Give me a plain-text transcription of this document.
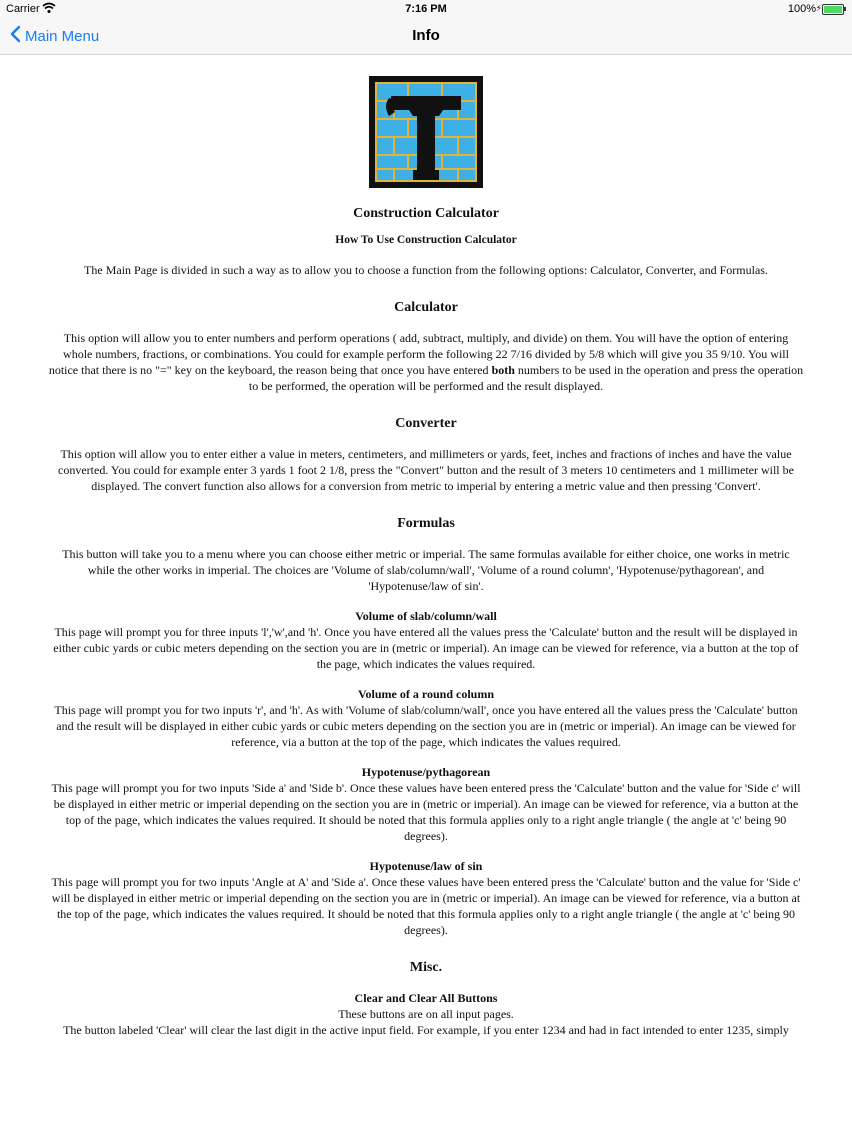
Carrier	7:16 PM	100% ⚡
Main Menu	Info
Construction Calculator
How To Use Construction Calculator

The Main Page is divided in such a way as to allow you to choose a function from the following options: Calculator, Converter, and Formulas.

Calculator

This option will allow you to enter numbers and perform operations ( add, subtract, multiply, and divide) on them. You will have the option of entering whole numbers, fractions, or combinations. You could for example perform the following 22 7/16 divided by 5/8 which will give you 35 9/10. You will notice that there is no "=" key on the keyboard, the reason being that once you have entered both numbers to be used in the operation and press the operation to be performed, the operation will be performed and the result displayed.

Converter

This option will allow you to enter either a value in meters, centimeters, and millimeters or yards, feet, inches and fractions of inches and have the value converted. You could for example enter 3 yards 1 foot 2 1/8, press the "Convert" button and the result of 3 meters 10 centimeters and 1 millimeter will be displayed. The convert function also allows for a conversion from metric to imperial by entering a metric value and then pressing 'Convert'.

Formulas

This button will take you to a menu where you can choose either metric or imperial. The same formulas available for either choice, one works in metric while the other works in imperial. The choices are 'Volume of slab/column/wall', 'Volume of a round column', 'Hypotenuse/pythagorean', and 'Hypotenuse/law of sin'.

Volume of slab/column/wall

This page will prompt you for three inputs 'l','w',and 'h'. Once you have entered all the values press the 'Calculate' button and the result will be displayed in either cubic yards or cubic meters depending on the section you are in (metric or imperial). An image can be viewed for reference, via a button at the top of the page, which indicates the values required.

Volume of a round column

This page will prompt you for two inputs 'r', and 'h'. As with 'Volume of slab/column/wall', once you have entered all the values press the 'Calculate' button and the result will be displayed in either cubic yards or cubic meters depending on the section you are in (metric or imperial). An image can be viewed for reference, via a button at the top of the page, which indicates the values required.

Hypotenuse/pythagorean

This page will prompt you for two inputs 'Side a' and 'Side b'. Once these values have been entered press the 'Calculate' button and the value for 'Side c' will be displayed in either metric or imperial depending on the section you are in (metric or imperial). An image can be viewed for reference, via a button at the top of the page, which indicates the values required. It should be noted that this formula applies only to a right angle triangle ( the angle at 'c' being 90 degrees).

Hypotenuse/law of sin

This page will prompt you for two inputs 'Angle at A' and 'Side a'. Once these values have been entered press the 'Calculate' button and the value for 'Side c' will be displayed in either metric or imperial depending on the section you are in (metric or imperial). An image can be viewed for reference, via a button at the top of the page, which indicates the values required. It should be noted that this formula applies only to a right angle triangle ( the angle at 'c' being 90 degrees).

Misc.
Clear and Clear All Buttons

These buttons are on all input pages.

The button labeled 'Clear' will clear the last digit in the active input field. For example, if you enter 1234 and had in fact intended to enter 1235, simply
